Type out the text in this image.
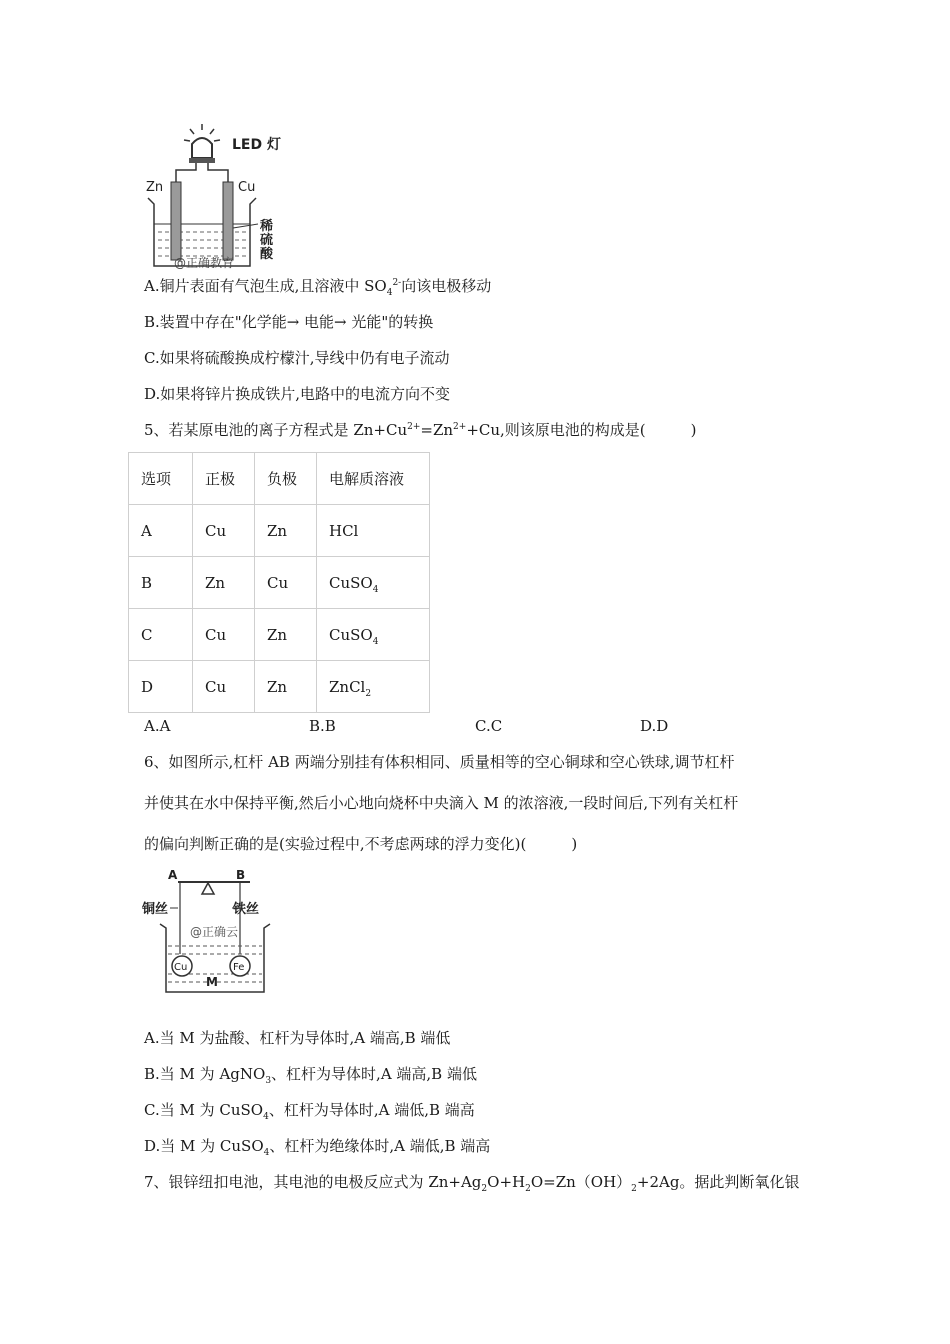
LED 灯
Zn	Cu
稀
硫
酸
@正确教育
A.铜片表面有气泡生成,且溶液中 $SO_4^{2-}$向该电极移动
B.装置中存在"化学能→ 电能→ 光能"的转换
C.如果将硫酸换成柠檬汁,导线中仍有电子流动
D.如果将锌片换成铁片,电路中的电流方向不变
5、若某原电池的离子方程式是 $Zn+Cu^{2+}=Zn^{2+}+Cu$,则该原电池的构成是(　　　)
选项	正极	负极	电解质溶液
A	Cu	Zn	HCl
B	Zn	Cu	CuSO$_4$
C	Cu	Zn	CuSO$_4$
D	Cu	Zn	ZnCl$_2$
A.A	B.B	C.C	D.D
6、如图所示,杠杆 AB 两端分别挂有体积相同、质量相等的空心铜球和空心铁球,调节杠杆
并使其在水中保持平衡,然后小心地向烧杯中央滴入 M 的浓溶液,一段时间后,下列有关杠杆
的偏向判断正确的是(实验过程中,不考虑两球的浮力变化)(　　　)
A	B
铜丝	铁丝
@正确云
Cu	Fe
M
A.当 M 为盐酸、杠杆为导体时,A 端高,B 端低
B.当 M 为 AgNO$_3$、杠杆为导体时,A 端高,B 端低
C.当 M 为 CuSO$_4$、杠杆为导体时,A 端低,B 端高
D.当 M 为 CuSO$_4$、杠杆为绝缘体时,A 端低,B 端高
7、银锌纽扣电池，其电池的电极反应式为 $Zn+Ag_2O+H_2O=Zn(OH)_2+2Ag$。据此判断氧化银
